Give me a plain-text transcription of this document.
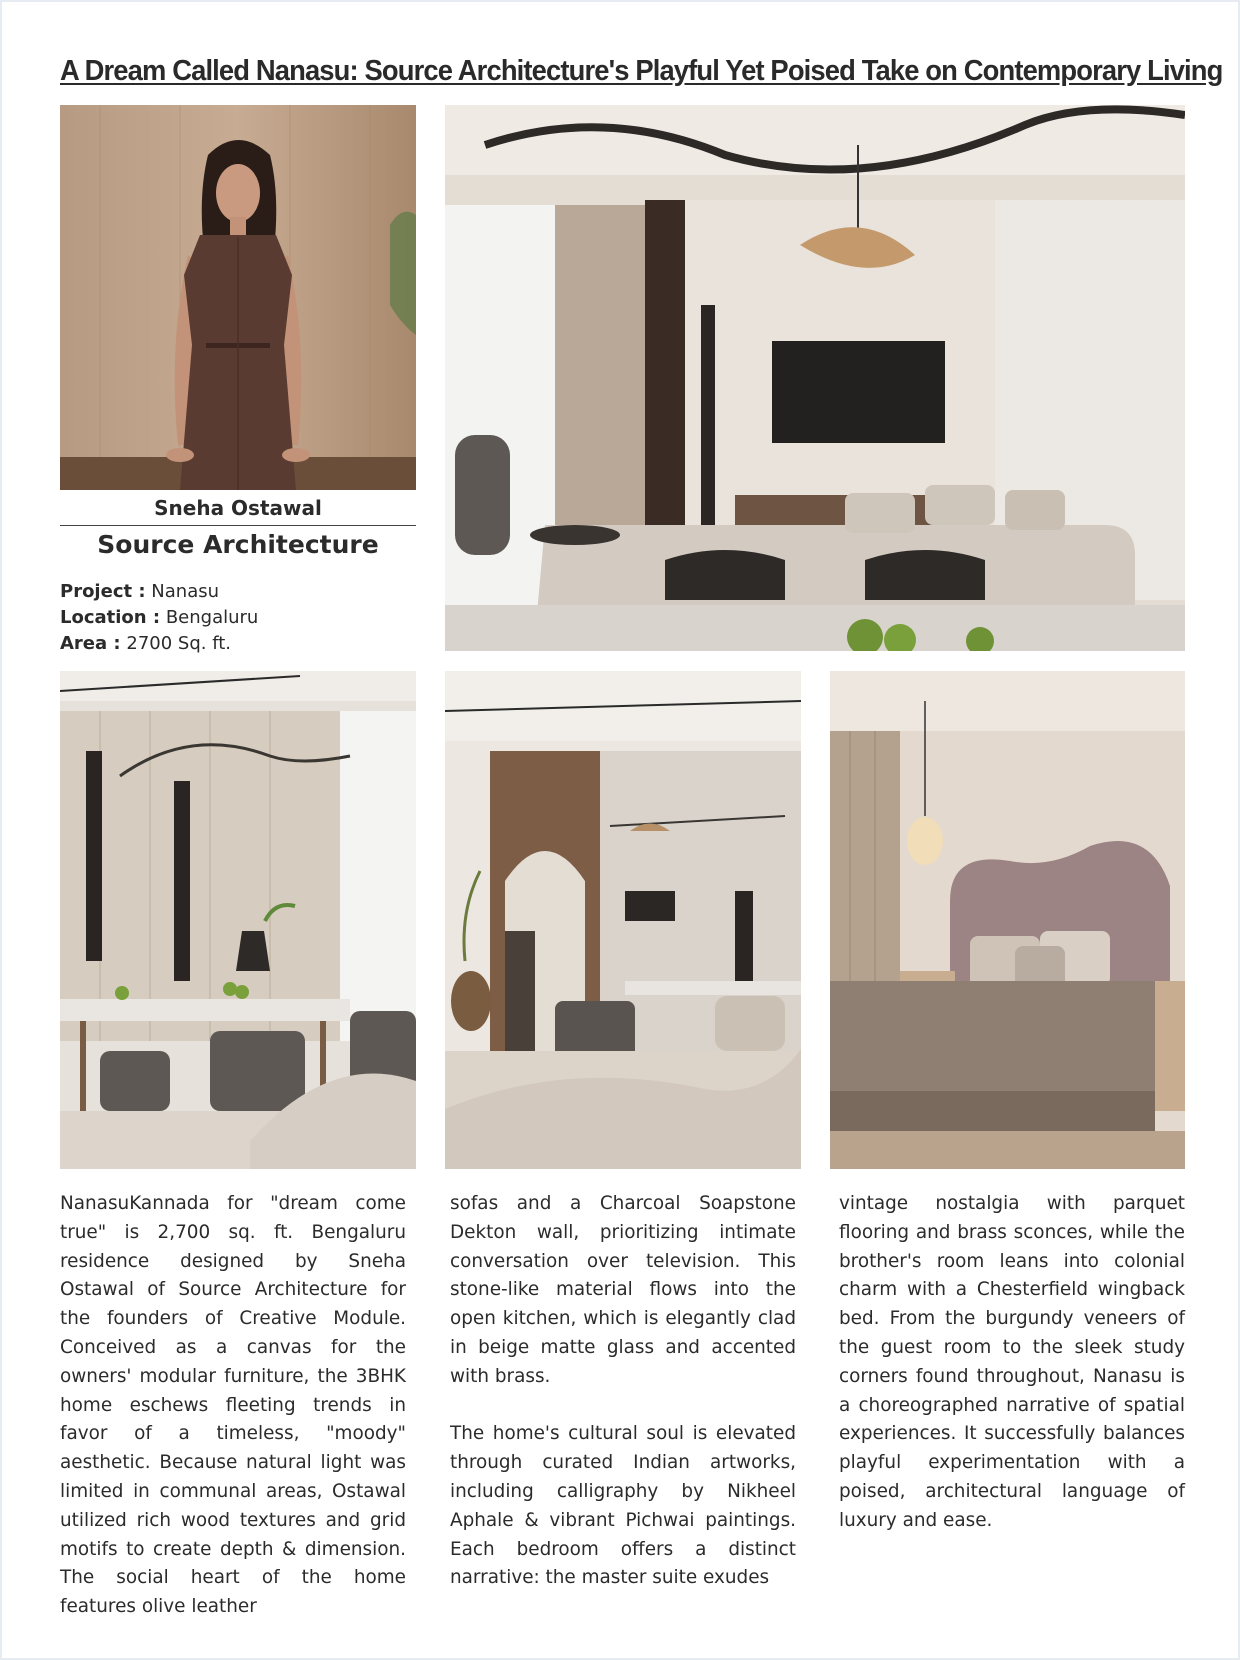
A Dream Called Nanasu: Source Architecture's Playful Yet Poised Take on Contemporary Living
Sneha Ostawal
Source Architecture
Project : Nanasu
Location : Bengaluru
Area : 2700 Sq. ft.

NanasuKannada for "dream come true" is 2,700 sq. ft. Bengaluru residence designed by Sneha Ostawal of Source Architecture for the founders of Creative Module. Conceived as a canvas for the owners' modular furniture, the 3BHK home eschews fleeting trends in favor of a timeless, "moody" aesthetic. Because natural light was limited in communal areas, Ostawal utilized rich wood textures and grid motifs to create depth & dimension. The social heart of the home features olive leather

sofas and a Charcoal Soapstone Dekton wall, prioritizing intimate conversation over television. This stone-like material flows into the open kitchen, which is elegantly clad in beige matte glass and accented with brass.

The home's cultural soul is elevated through curated Indian artworks, including calligraphy by Nikheel Aphale & vibrant Pichwai paintings. Each bedroom offers a distinct narrative: the master suite exudes

vintage nostalgia with parquet flooring and brass sconces, while the brother's room leans into colonial charm with a Chesterfield wingback bed. From the burgundy veneers of the guest room to the sleek study corners found throughout, Nanasu is a choreographed narrative of spatial experiences. It successfully balances playful experimentation with a poised, architectural language of luxury and ease.
